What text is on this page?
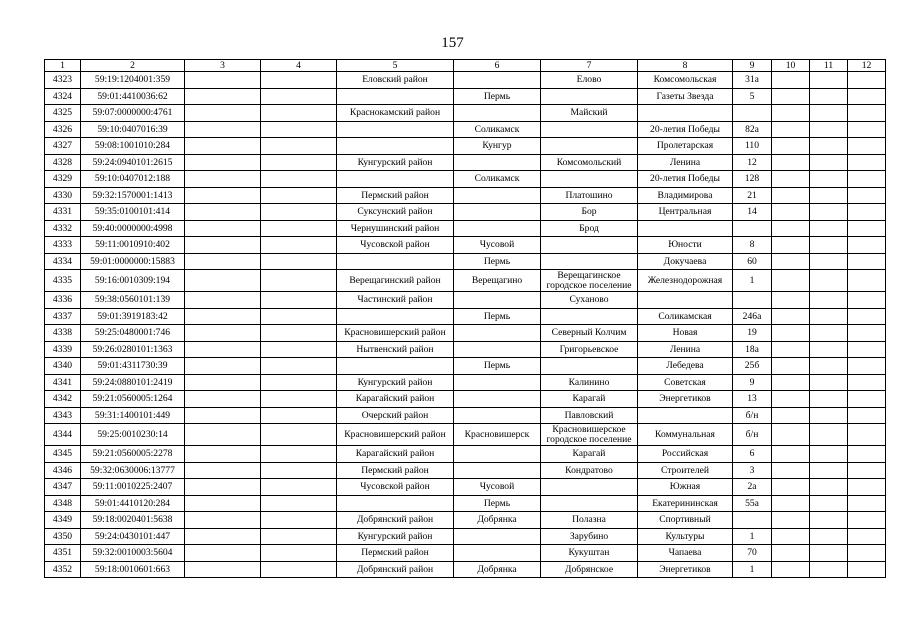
157
1	2	3	4	5	6	7	8	9	10	11	12
4323	59:19:1204001:359			Еловский район		Елово	Комсомольская	31а			
4324	59:01:4410036:62				Пермь		Газеты Звезда	5			
4325	59:07:0000000:4761			Краснокамский район		Майский					
4326	59:10:0407016:39				Соликамск		20-летия Победы	82а			
4327	59:08:1001010:284				Кунгур		Пролетарская	110			
4328	59:24:0940101:2615			Кунгурский район		Комсомольский	Ленина	12			
4329	59:10:0407012:188				Соликамск		20-летия Победы	128			
4330	59:32:1570001:1413			Пермский район		Платошино	Владимирова	21			
4331	59:35:0100101:414			Суксунский район		Бор	Центральная	14			
4332	59:40:0000000:4998			Чернушинский район		Брод					
4333	59:11:0010910:402			Чусовской район	Чусовой		Юности	8			
4334	59:01:0000000:15883				Пермь		Докучаева	60			
4335	59:16:0010309:194			Верещагинский район	Верещагино	Верещагинское городское поселение	Железнодорожная	1			
4336	59:38:0560101:139			Частинский район		Суханово					
4337	59:01:3919183:42				Пермь		Соликамская	246а			
4338	59:25:0480001:746			Красновишерский район		Северный Колчим	Новая	19			
4339	59:26:0280101:1363			Нытвенский район		Григорьевское	Ленина	18а			
4340	59:01:4311730:39				Пермь		Лебедева	25б			
4341	59:24:0880101:2419			Кунгурский район		Калинино	Советская	9			
4342	59:21:0560005:1264			Карагайский район		Карагай	Энергетиков	13			
4343	59:31:1400101:449			Очерский район		Павловский		б/н			
4344	59:25:0010230:14			Красновишерский район	Красновишерск	Красновишерское городское поселение	Коммунальная	б/н			
4345	59:21:0560005:2278			Карагайский район		Карагай	Российская	6			
4346	59:32:0630006:13777			Пермский район		Кондратово	Строителей	3			
4347	59:11:0010225:2407			Чусовской район	Чусовой		Южная	2а			
4348	59:01:4410120:284				Пермь		Екатерининская	55а			
4349	59:18:0020401:5638			Добрянский район	Добрянка	Полазна	Спортивный				
4350	59:24:0430101:447			Кунгурский район		Зарубино	Культуры	1			
4351	59:32:0010003:5604			Пермский район		Кукуштан	Чапаева	70			
4352	59:18:0010601:663			Добрянский район	Добрянка	Добрянское	Энергетиков	1			
